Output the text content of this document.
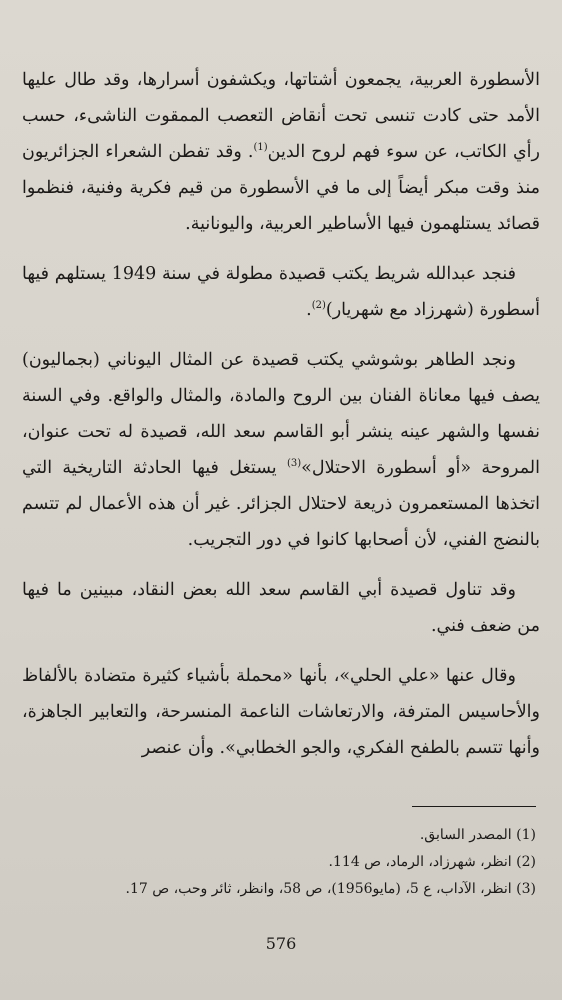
الأسطورة العربية، يجمعون أشتاتها، ويكشفون أسرارها، وقد طال عليها الأمد حتى كادت تنسى تحت أنقاض التعصب الممقوت الناشىء، حسب رأي الكاتب، عن سوء فهم لروح الدين$^{(1)}$. وقد تفطن الشعراء الجزائريون منذ وقت مبكر أيضاً إلى ما في الأسطورة من قيم فكرية وفنية، فنظموا قصائد يستلهمون فيها الأساطير العربية، واليونانية.

فنجد عبدالله شريط يكتب قصيدة مطولة في سنة 1949 يستلهم فيها أسطورة (شهرزاد مع شهريار)$^{(2)}$.

ونجد الطاهر بوشوشي يكتب قصيدة عن المثال اليوناني (بجماليون) يصف فيها معاناة الفنان بين الروح والمادة، والمثال والواقع. وفي السنة نفسها والشهر عينه ينشر أبو القاسم سعد الله، قصيدة له تحت عنوان، المروحة «أو أسطورة الاحتلال»$^{(3)}$ يستغل فيها الحادثة التاريخية التي اتخذها المستعمرون ذريعة لاحتلال الجزائر. غير أن هذه الأعمال لم تتسم بالنضج الفني، لأن أصحابها كانوا في دور التجريب.

وقد تناول قصيدة أبي القاسم سعد الله بعض النقاد، مبينين ما فيها من ضعف فني.

وقال عنها «علي الحلي»، بأنها «محملة بأشياء كثيرة متضادة بالألفاظ والأحاسيس المترفة، والارتعاشات الناعمة المنسرحة، والتعابير الجاهزة، وأنها تتسم بالطفح الفكري، والجو الخطابي». وأن عنصر

(1) المصدر السابق.
(2) انظر، شهرزاد، الرماد، ص 114.
(3) انظر، الآداب، ع 5، (مايو1956)، ص 58، وانظر، ثائر وحب، ص 17.
576
